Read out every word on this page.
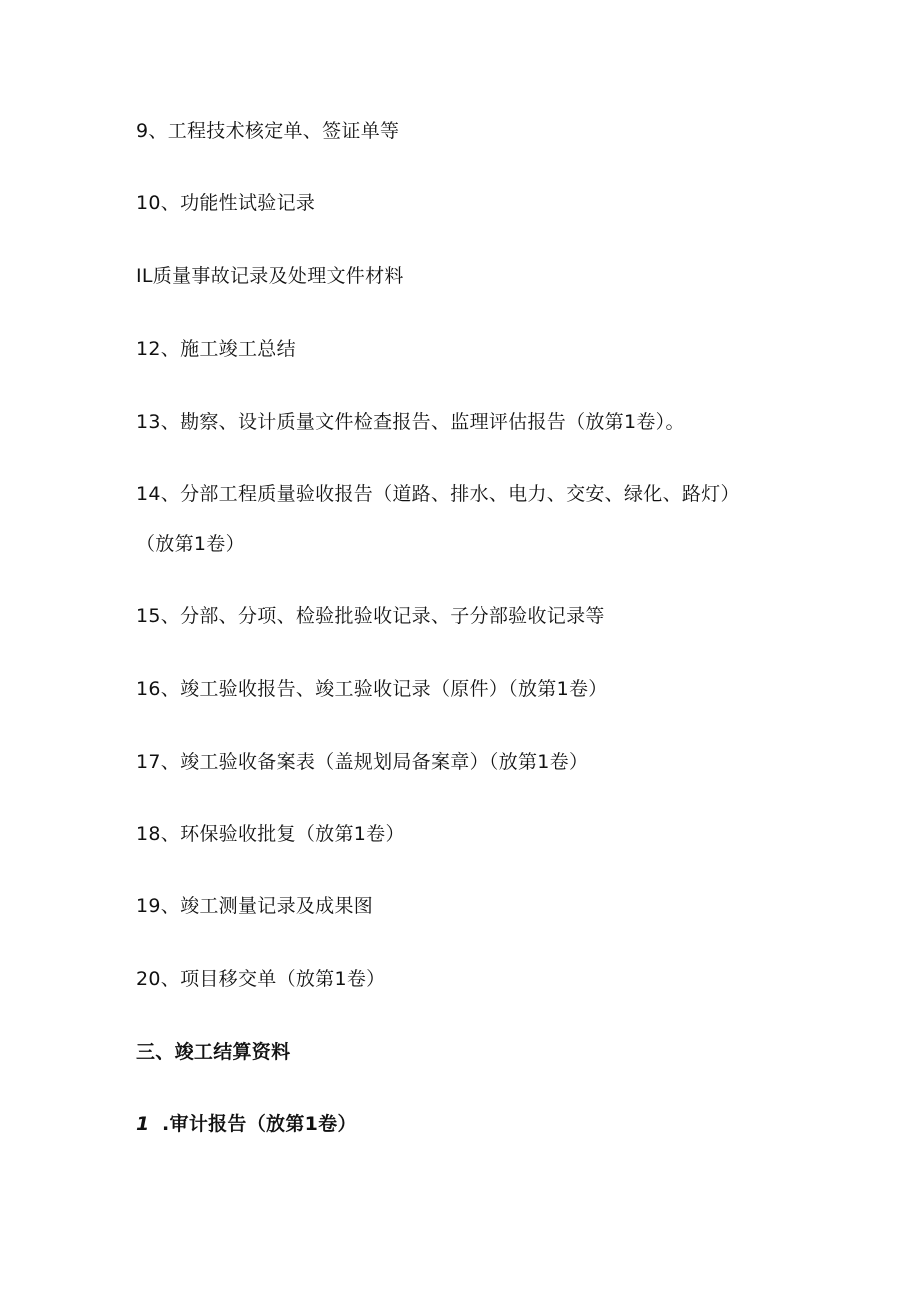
9、工程技术核定单、签证单等
10、功能性试验记录
IL质量事故记录及处理文件材料
12、施工竣工总结
13、勘察、设计质量文件检查报告、监理评估报告（放第1卷）。
14、分部工程质量验收报告（道路、排水、电力、交安、绿化、路灯）
（放第1卷）
15、分部、分项、检验批验收记录、子分部验收记录等
16、竣工验收报告、竣工验收记录（原件）（放第1卷）
17、竣工验收备案表（盖规划局备案章）（放第1卷）
18、环保验收批复（放第1卷）
19、竣工测量记录及成果图
20、项目移交单（放第1卷）
三、竣工结算资料
1 .审计报告（放第1卷）
